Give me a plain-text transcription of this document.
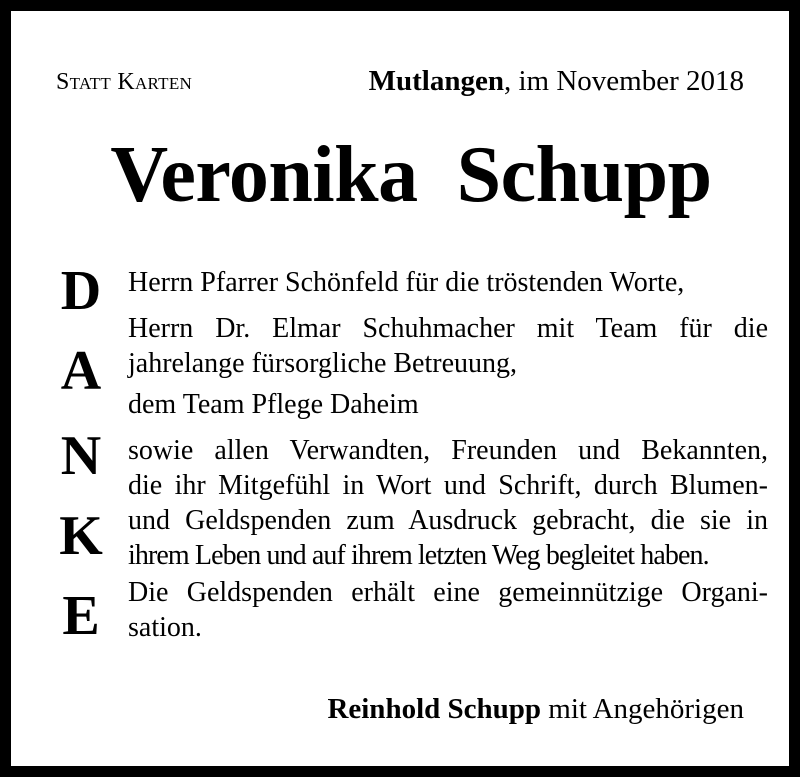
Statt Karten	Mutlangen, im November 2018
Veronika  Schupp
D
A
N
K
E

Herrn Pfarrer Schönfeld für die tröstenden Worte,

Herrn Dr. Elmar Schuhmacher mit Team für die
jahrelange fürsorgliche Betreuung,

dem Team Pflege Daheim

sowie allen Verwandten, Freunden und Bekannten,
die ihr Mitgefühl in Wort und Schrift, durch Blumen-
und Geldspenden zum Ausdruck gebracht, die sie in
ihrem Leben und auf ihrem letzten Weg begleitet haben.

Die Geldspenden erhält eine gemeinnützige Organi-
sation.

Reinhold Schupp mit Angehörigen
